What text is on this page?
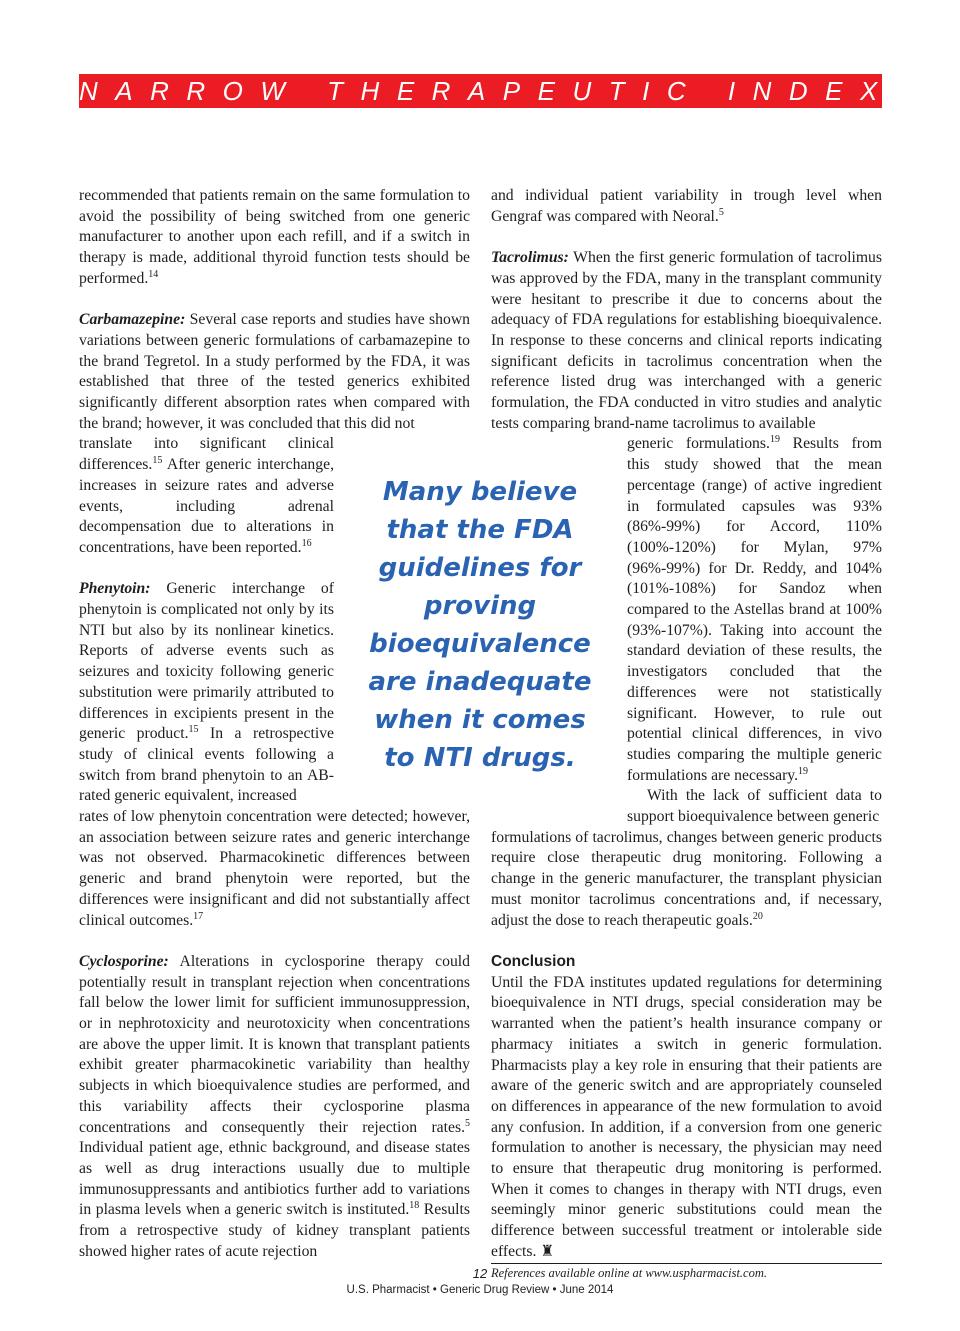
NARROW THERAPEUTIC INDEX

recommended that patients remain on the same formulation to avoid the possibility of being switched from one generic manufacturer to another upon each refill, and if a switch in therapy is made, additional thyroid function tests should be performed.$^{14}$

Carbamazepine: Several case reports and studies have shown variations between generic formulations of carbamazepine to the brand Tegretol. In a study performed by the FDA, it was established that three of the tested generics exhibited significantly different absorption rates when compared with the brand; however, it was concluded that this did not

translate into significant clinical differences.$^{15}$ After generic interchange, increases in seizure rates and adverse events, including adrenal decompensation due to alterations in concentrations, have been reported.$^{16}$

Phenytoin: Generic interchange of phenytoin is complicated not only by its NTI but also by its nonlinear kinetics. Reports of adverse events such as seizures and toxicity following generic substitution were primarily attributed to differences in excipients present in the generic product.$^{15}$ In a retrospective study of clinical events following a switch from brand phenytoin to an AB-rated generic equivalent, increased

rates of low phenytoin concentration were detected; however, an association between seizure rates and generic interchange was not observed. Pharmacokinetic differences between generic and brand phenytoin were reported, but the differences were insignificant and did not substantially affect clinical outcomes.$^{17}$

Cyclosporine: Alterations in cyclosporine therapy could potentially result in transplant rejection when concentrations fall below the lower limit for sufficient immunosuppression, or in nephrotoxicity and neurotoxicity when concentrations are above the upper limit. It is known that transplant patients exhibit greater pharmacokinetic variability than healthy subjects in which bioequivalence studies are performed, and this variability affects their cyclosporine plasma concentrations and consequently their rejection rates.$^5$ Individual patient age, ethnic background, and disease states as well as drug interactions usually due to multiple immunosuppressants and antibiotics further add to variations in plasma levels when a generic switch is instituted.$^{18}$ Results from a retrospective study of kidney transplant patients showed higher rates of acute rejection

and individual patient variability in trough level when Gengraf was compared with Neoral.$^5$

Tacrolimus: When the first generic formulation of tacrolimus was approved by the FDA, many in the transplant community were hesitant to prescribe it due to concerns about the adequacy of FDA regulations for establishing bioequivalence. In response to these concerns and clinical reports indicating significant deficits in tacrolimus concentration when the reference listed drug was interchanged with a generic formulation, the FDA conducted in vitro studies and analytic tests comparing brand-name tacrolimus to available

generic formulations.$^{19}$ Results from this study showed that the mean percentage (range) of active ingredient in formulated capsules was 93% (86%-99%) for Accord, 110% (100%-120%) for Mylan, 97% (96%-99%) for Dr. Reddy, and 104% (101%-108%) for Sandoz when compared to the Astellas brand at 100% (93%-107%). Taking into account the standard deviation of these results, the investigators concluded that the differences were not statistically significant. However, to rule out potential clinical differences, in vivo studies comparing the multiple generic formulations are necessary.$^{19}$

With the lack of sufficient data to support bioequivalence between generic

formulations of tacrolimus, changes between generic products require close therapeutic drug monitoring. Following a change in the generic manufacturer, the transplant physician must monitor tacrolimus concentrations and, if necessary, adjust the dose to reach therapeutic goals.$^{20}$

Conclusion

Until the FDA institutes updated regulations for determining bioequivalence in NTI drugs, special consideration may be warranted when the patient’s health insurance company or pharmacy initiates a switch in generic formulation. Pharmacists play a key role in ensuring that their patients are aware of the generic switch and are appropriately counseled on differences in appearance of the new formulation to avoid any confusion. In addition, if a conversion from one generic formulation to another is necessary, the physician may need to ensure that therapeutic drug monitoring is performed. When it comes to changes in therapy with NTI drugs, even seemingly minor generic substitutions could mean the difference between successful treatment or intolerable side effects. ♜

References available online at www.uspharmacist.com.

Many believe that the FDA guidelines for proving bioequivalence are inadequate when it comes to NTI drugs.
12
U.S. Pharmacist • Generic Drug Review • June 2014
